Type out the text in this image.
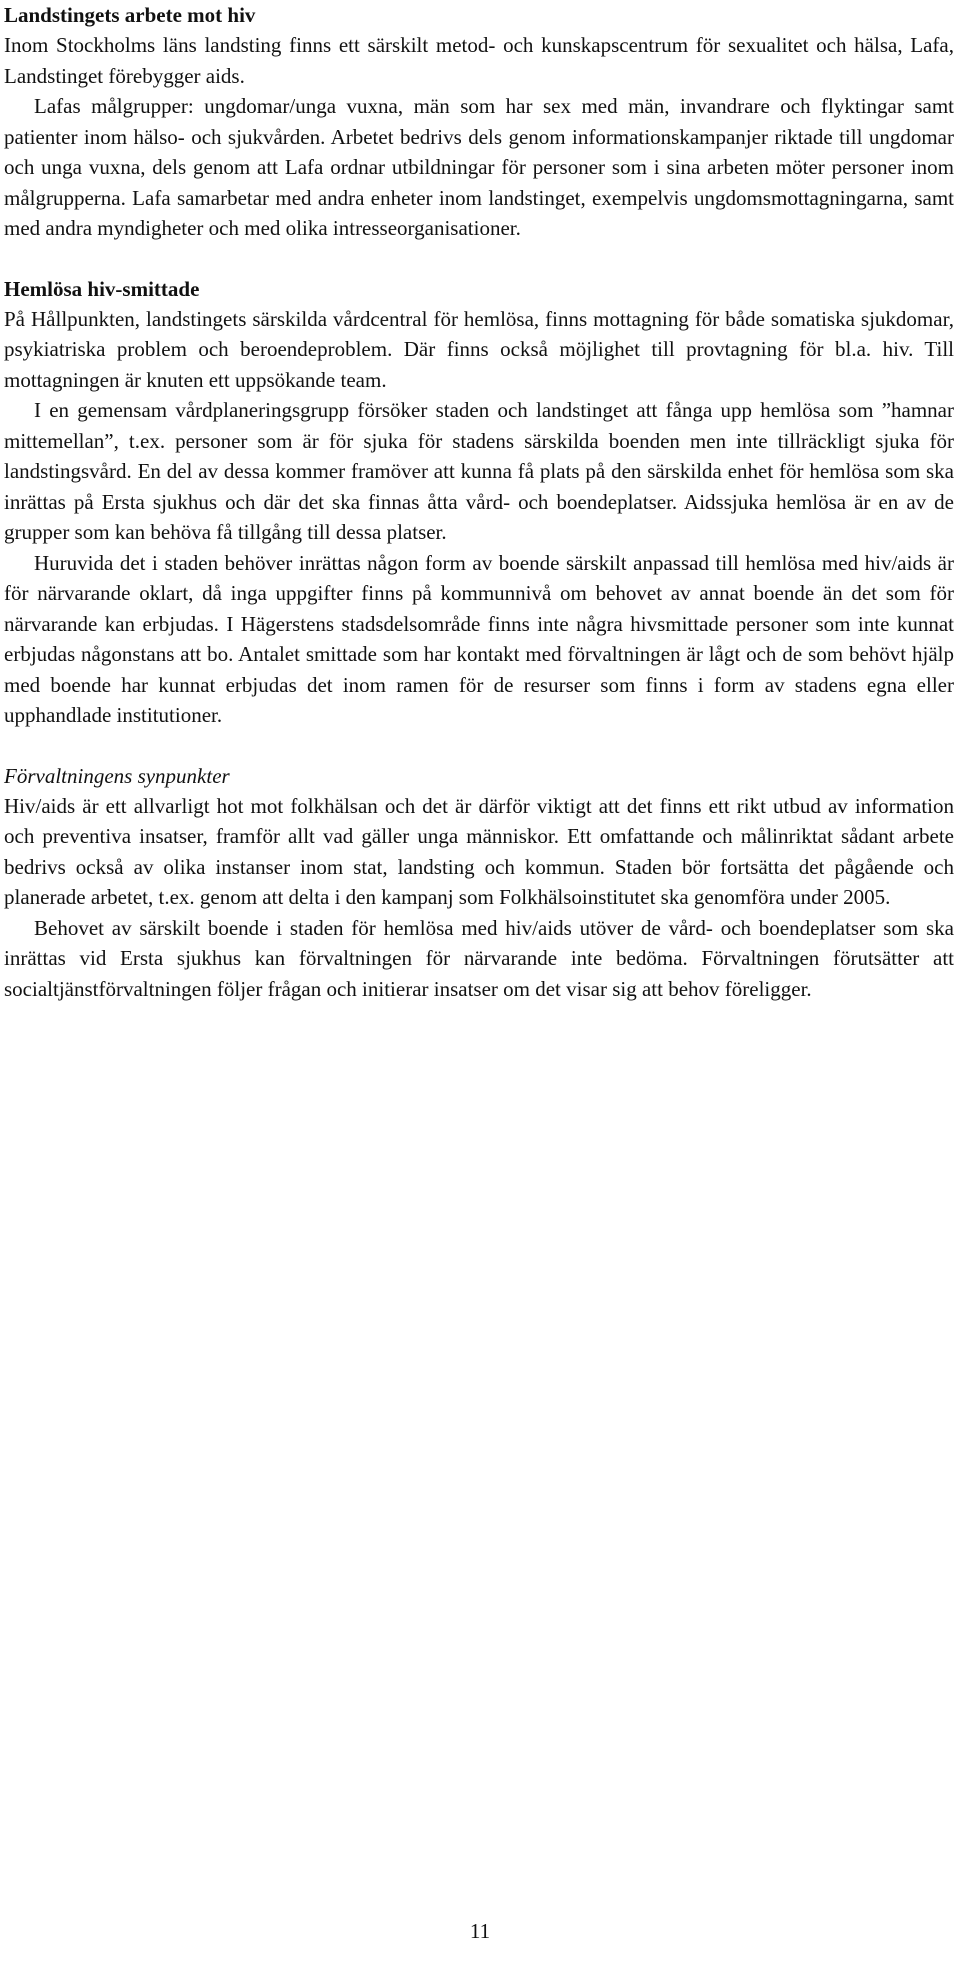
Landstingets arbete mot hiv

Inom Stockholms läns landsting finns ett särskilt metod- och kunskapscentrum för sexualitet och hälsa, Lafa, Landstinget förebygger aids.

Lafas målgrupper: ungdomar/unga vuxna, män som har sex med män, invandrare och flyktingar samt patienter inom hälso- och sjukvården. Arbetet bedrivs dels genom informationskampanjer riktade till ungdomar och unga vuxna, dels genom att Lafa ordnar utbildningar för personer som i sina arbeten möter personer inom målgrupperna. Lafa samarbetar med andra enheter inom landstinget, exempelvis ungdomsmottagningarna, samt med andra myndigheter och med olika intresseorganisationer.

Hemlösa hiv-smittade

På Hållpunkten, landstingets särskilda vårdcentral för hemlösa, finns mottagning för både somatiska sjukdomar, psykiatriska problem och beroendeproblem. Där finns också möjlighet till provtagning för bl.a. hiv. Till mottagningen är knuten ett uppsökande team.

I en gemensam vårdplaneringsgrupp försöker staden och landstinget att fånga upp hemlösa som ”hamnar mittemellan”, t.ex. personer som är för sjuka för stadens särskilda boenden men inte tillräckligt sjuka för landstingsvård. En del av dessa kommer framöver att kunna få plats på den särskilda enhet för hemlösa som ska inrättas på Ersta sjukhus och där det ska finnas åtta vård- och boendeplatser. Aidssjuka hemlösa är en av de grupper som kan behöva få tillgång till dessa platser.

Huruvida det i staden behöver inrättas någon form av boende särskilt anpassad till hemlösa med hiv/aids är för närvarande oklart, då inga uppgifter finns på kommunnivå om behovet av annat boende än det som för närvarande kan erbjudas. I Hägerstens stadsdelsområde finns inte några hivsmittade personer som inte kunnat erbjudas någonstans att bo. Antalet smittade som har kontakt med förvaltningen är lågt och de som behövt hjälp med boende har kunnat erbjudas det inom ramen för de resurser som finns i form av stadens egna eller upphandlade institutioner.

Förvaltningens synpunkter

Hiv/aids är ett allvarligt hot mot folkhälsan och det är därför viktigt att det finns ett rikt utbud av information och preventiva insatser, framför allt vad gäller unga människor. Ett omfattande och målinriktat sådant arbete bedrivs också av olika instanser inom stat, landsting och kommun. Staden bör fortsätta det pågående och planerade arbetet, t.ex. genom att delta i den kampanj som Folkhälsoinstitutet ska genomföra under 2005.

Behovet av särskilt boende i staden för hemlösa med hiv/aids utöver de vård- och boendeplatser som ska inrättas vid Ersta sjukhus kan förvaltningen för närvarande inte bedöma. Förvaltningen förutsätter att socialtjänstförvaltningen följer frågan och initierar insatser om det visar sig att behov föreligger.

11
